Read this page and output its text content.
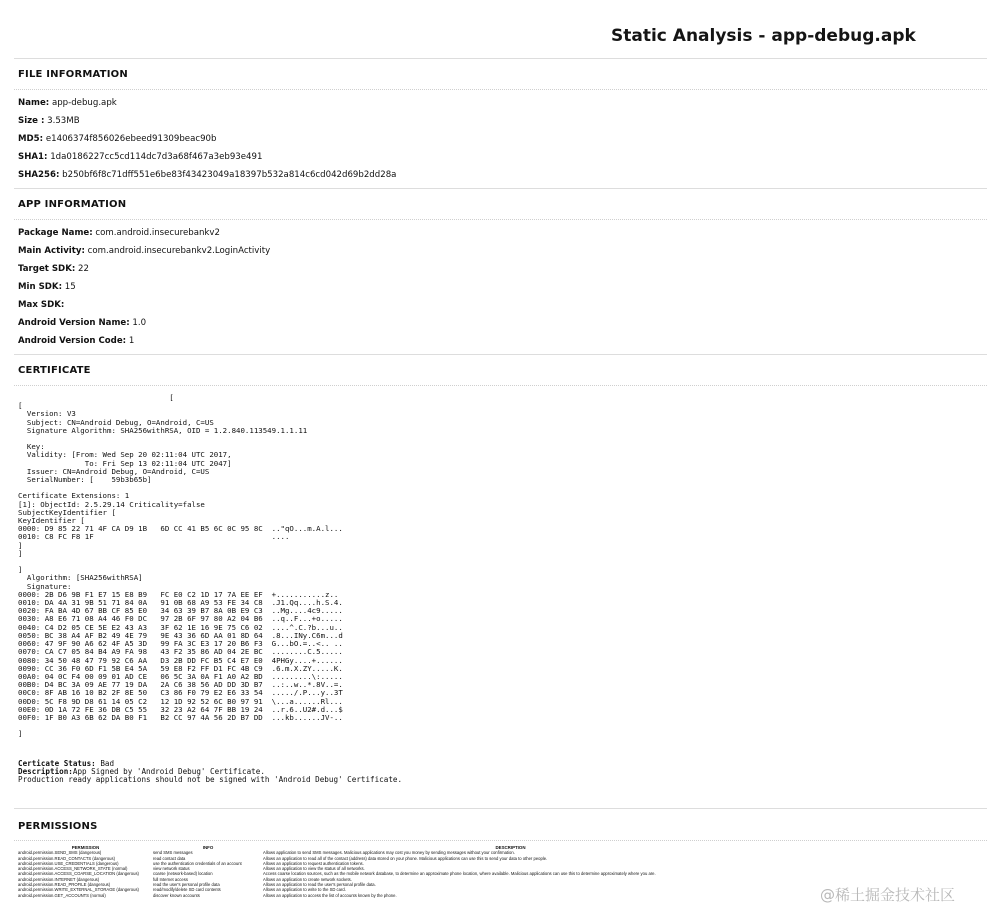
Static Analysis - app-debug.apk
FILE INFORMATION
Name: app-debug.apk
Size : 3.53MB
MD5: e1406374f856026ebeed91309beac90b
SHA1: 1da0186227cc5cd114dc7d3a68f467a3eb93e491
SHA256: b250bf6f8c71dff551e6be83f43423049a18397b532a814c6cd042d69b2dd28a
APP INFORMATION
Package Name: com.android.insecurebankv2
Main Activity: com.android.insecurebankv2.LoginActivity
Target SDK: 22
Min SDK: 15
Max SDK:
Android Version Name: 1.0
Android Version Code: 1
CERTIFICATE
[
[
Version: V3
Subject: CN=Android Debug, O=Android, C=US
Signature Algorithm: SHA256withRSA, OID = 1.2.840.113549.1.1.11

Key:
Validity: [From: Wed Sep 20 02:11:04 UTC 2017,
To: Fri Sep 13 02:11:04 UTC 2047]
Issuer: CN=Android Debug, O=Android, C=US
SerialNumber: [    59b3b65b]

Certificate Extensions: 1
[1]: ObjectId: 2.5.29.14 Criticality=false
SubjectKeyIdentifier [
KeyIdentifier [
0000: D9 85 22 71 4F CA D9 1B   6D CC 41 B5 6C 0C 95 8C  .."qO...m.A.l...
0010: C8 FC F8 1F                                        ....
]
]

]
Algorithm: [SHA256withRSA]
Signature:
0000: 2B D6 9B F1 E7 15 E8 B9   FC E0 C2 1D 17 7A EE EF  +...........z..
0010: DA 4A 31 9B 51 71 84 0A   91 0B 68 A9 53 FE 34 C8  .J1.Qq....h.S.4.
0020: FA BA 4D 67 BB CF 85 E0   34 63 39 B7 8A 0B E9 C3  ..Mg....4c9.....
0030: A8 E6 71 08 A4 46 F0 DC   97 2B 6F 97 80 A2 04 B6  ..q..F...+o.....
0040: C4 D2 05 CE 5E E2 43 A3   3F 62 1E 16 9E 75 C6 02  ....^.C.?b...u..
0050: BC 38 A4 AF B2 49 4E 79   9E 43 36 6D AA 01 8D 64  .8...INy.C6m...d
0060: 47 9F 90 A6 62 4F A5 3D   99 FA 3C E3 17 20 B6 F3  G...bO.=..<.. ..
0070: CA C7 05 84 B4 A9 FA 98   43 F2 35 86 AD 04 2E BC  ........C.5.....
0080: 34 50 48 47 79 92 C6 AA   D3 2B DD FC B5 C4 E7 E0  4PHGy....+......
0090: CC 36 F0 6D F1 5B E4 5A   59 E8 F2 FF D1 FC 4B C9  .6.m.X.ZY.....K.
00A0: 04 0C F4 00 09 01 AD CE   06 5C 3A 0A F1 A0 A2 BD  .........\:.....
00B0: D4 BC 3A 09 AE 77 19 DA   2A C6 38 56 AD DD 3D B7  ..:..w..*.8V..=.
00C0: 8F AB 16 10 B2 2F 8E 50   C3 86 F0 79 E2 E6 33 54  ...../.P...y..3T
00D0: 5C F8 9D D8 61 14 05 C2   12 1D 92 52 6C B0 97 91  \...a......Rl...
00E0: 0D 1A 72 FE 36 DB C5 55   32 23 A2 64 7F BB 19 24  ..r.6..U2#.d...$
00F0: 1F B0 A3 6B 62 DA B0 F1   B2 CC 97 4A 56 2D B7 DD  ...kb......JV-..

]
Certicate Status: Bad
Description:App Signed by 'Android Debug' Certificate.
Production ready applications should not be signed with 'Android Debug' Certificate.
PERMISSIONS
PERMISSION	INFO	DESCRIPTION
android.permission.SEND_SMS (dangerous)	send SMS messages	Allows application to send SMS messages. Malicious applications may cost you money by sending messages without your confirmation.
android.permission.READ_CONTACTS (dangerous)	read contact data	Allows an application to read all of the contact (address) data stored on your phone. Malicious applications can use this to send your data to other people.
android.permission.USE_CREDENTIALS (dangerous)	use the authentication credentials of an account	Allows an application to request authentication tokens.
android.permission.ACCESS_NETWORK_STATE (normal)	view network status	Allows an application to view the status of all networks.
android.permission.ACCESS_COARSE_LOCATION (dangerous)	coarse (network-based) location	Access coarse location sources, such as the mobile network database, to determine an approximate phone location, where available. Malicious applications can use this to determine approximately where you are.
android.permission.INTERNET (dangerous)	full Internet access	Allows an application to create network sockets.
android.permission.READ_PROFILE (dangerous)	read the user's personal profile data	Allows an application to read the user's personal profile data.
android.permission.WRITE_EXTERNAL_STORAGE (dangerous)	read/modify/delete SD card contents	Allows an application to write to the SD card.
android.permission.GET_ACCOUNTS (normal)	discover known accounts	Allows an application to access the list of accounts known by the phone.	@稀土掘金技术社区
